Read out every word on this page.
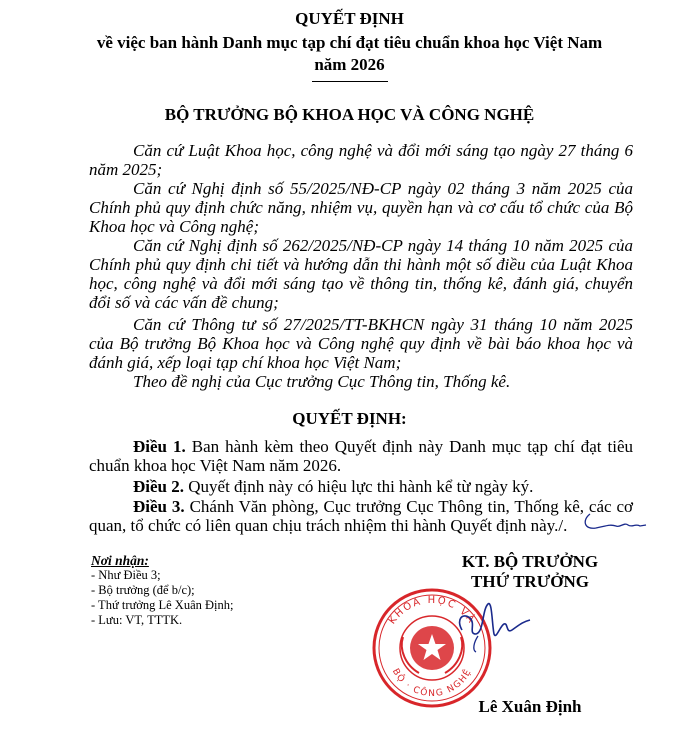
QUYẾT ĐỊNH
về việc ban hành Danh mục tạp chí đạt tiêu chuẩn khoa học Việt Nam
năm 2026
BỘ TRƯỞNG BỘ KHOA HỌC VÀ CÔNG NGHỆ

Căn cứ Luật Khoa học, công nghệ và đổi mới sáng tạo ngày 27 tháng 6 năm 2025;

Căn cứ Nghị định số 55/2025/NĐ-CP ngày 02 tháng 3 năm 2025 của Chính phủ quy định chức năng, nhiệm vụ, quyền hạn và cơ cấu tổ chức của Bộ Khoa học và Công nghệ;

Căn cứ Nghị định số 262/2025/NĐ-CP ngày 14 tháng 10 năm 2025 của Chính phủ quy định chi tiết và hướng dẫn thi hành một số điều của Luật Khoa học, công nghệ và đổi mới sáng tạo về thông tin, thống kê, đánh giá, chuyển đổi số và các vấn đề chung;

Căn cứ Thông tư số 27/2025/TT-BKHCN ngày 31 tháng 10 năm 2025 của Bộ trưởng Bộ Khoa học và Công nghệ quy định về bài báo khoa học và đánh giá, xếp loại tạp chí khoa học Việt Nam;

Theo đề nghị của Cục trưởng Cục Thông tin, Thống kê.

QUYẾT ĐỊNH:

Điều 1. Ban hành kèm theo Quyết định này Danh mục tạp chí đạt tiêu chuẩn khoa học Việt Nam năm 2026.

Điều 2. Quyết định này có hiệu lực thi hành kể từ ngày ký.

Điều 3. Chánh Văn phòng, Cục trưởng Cục Thông tin, Thống kê, các cơ quan, tổ chức có liên quan chịu trách nhiệm thi hành Quyết định này./.

Nơi nhận:
- Như Điều 3;
- Bộ trưởng (để b/c);
- Thứ trưởng Lê Xuân Định;
- Lưu: VT, TTTK.
KT. BỘ TRƯỞNG
THỨ TRƯỞNG
KHOA HỌC VÀ
BỘ · CÔNG NGHỆ
Lê Xuân Định
